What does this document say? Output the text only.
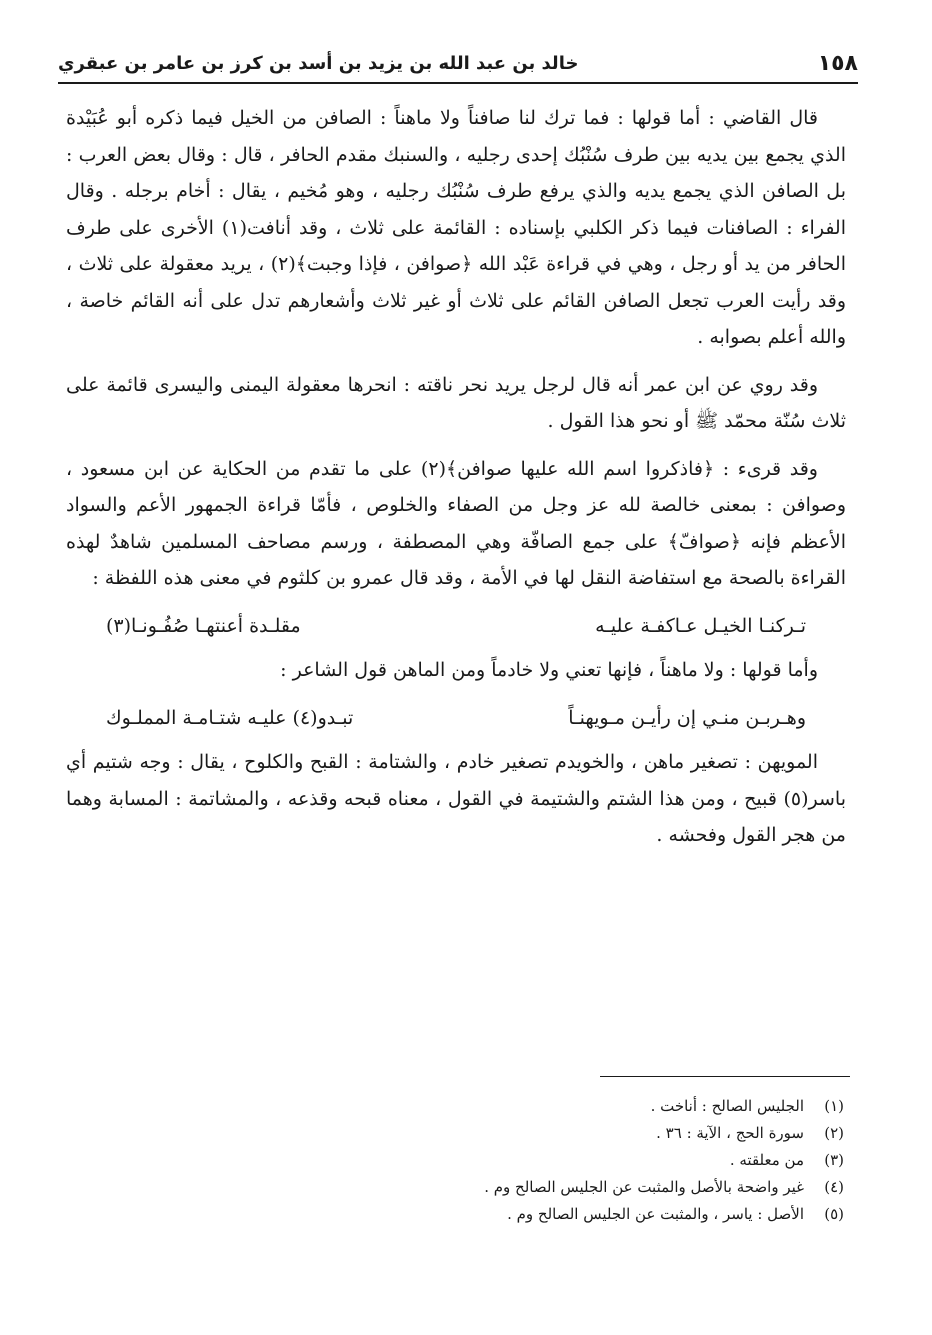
١٥٨
خالد بن عبد الله بن يزيد بن أسد بن كرز بن عامر بن عبقري

قال القاضي : أما قولها : فما ترك لنا صافناً ولا ماهناً : الصافن من الخيل فيما ذكره أبو عُبَيْدة الذي يجمع بين يديه بين طرف سُنْبُك إحدى رجليه ، والسنبك مقدم الحافر ، قال : وقال بعض العرب : بل الصافن الذي يجمع يديه والذي يرفع طرف سُنْبُك رجليه ، وهو مُخيم ، يقال : أخام برجله . وقال الفراء : الصافنات فيما ذكر الكلبي بإسناده : القائمة على ثلاث ، وقد أنافت(١) الأخرى على طرف الحافر من يد أو رجل ، وهي في قراءة عَبْد الله ﴿صوافن ، فإذا وجبت﴾(٢) ، يريد معقولة على ثلاث ، وقد رأيت العرب تجعل الصافن القائم على ثلاث أو غير ثلاث وأشعارهم تدل على أنه القائم خاصة ، والله أعلم بصوابه .

وقد روي عن ابن عمر أنه قال لرجل يريد نحر ناقته : انحرها معقولة اليمنى واليسرى قائمة على ثلاث سُنّة محمّد ﷺ أو نحو هذا القول .

وقد قرىء : ﴿فاذكروا اسم الله عليها صوافن﴾(٢) على ما تقدم من الحكاية عن ابن مسعود ، وصوافن : بمعنى خالصة لله عز وجل من الصفاء والخلوص ، فأمّا قراءة الجمهور الأعم والسواد الأعظم فإنه ﴿صوافّ﴾ على جمع الصافّة وهي المصطفة ، ورسم مصاحف المسلمين شاهدٌ لهذه القراءة بالصحة مع استفاضة النقل لها في الأمة ، وقد قال عمرو بن كلثوم في معنى هذه اللفظة :

تـركنـا الخيـل عـاكفـة عليـه
مقلـدة أعنتهـا صُفُـونـا(٣)

وأما قولها : ولا ماهناً ، فإنها تعني ولا خادماً ومن الماهن قول الشاعر :

وهـربـن منـي إن رأيـن مـويهنـاً
تبـدو(٤) عليـه شتـامـة المملـوك

المويهن : تصغير ماهن ، والخويدم تصغير خادم ، والشتامة : القبح والكلوح ، يقال : وجه شتيم أي باسر(٥) قبيح ، ومن هذا الشتم والشتيمة في القول ، معناه قبحه وقذعه ، والمشاتمة : المسابة وهما من هجر القول وفحشه .

(١)
الجليس الصالح : أناخت .
(٢)
سورة الحج ، الآية : ٣٦ .
(٣)
من معلقته .
(٤)
غير واضحة بالأصل والمثبت عن الجليس الصالح وم .
(٥)
الأصل : ياسر ، والمثبت عن الجليس الصالح وم .
